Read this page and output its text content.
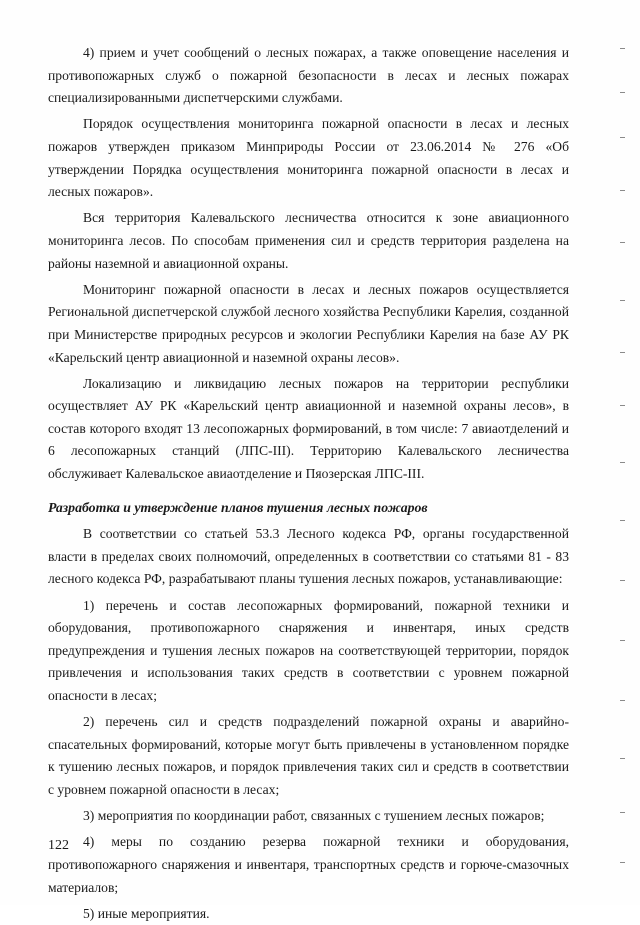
4) прием и учет сообщений о лесных пожарах, а также оповещение населения и противопожарных служб о пожарной безопасности в лесах и лесных пожарах специализированными диспетчерскими службами.

Порядок осуществления мониторинга пожарной опасности в лесах и лесных пожаров утвержден приказом Минприроды России от 23.06.2014 № 276 «Об утверждении Порядка осуществления мониторинга пожарной опасности в лесах и лесных пожаров».

Вся территория Калевальского лесничества относится к зоне авиационного мониторинга лесов. По способам применения сил и средств территория разделена на районы наземной и авиационной охраны.

Мониторинг пожарной опасности в лесах и лесных пожаров осуществляется Региональной диспетчерской службой лесного хозяйства Республики Карелия, созданной при Министерстве природных ресурсов и экологии Республики Карелия на базе АУ РК «Карельский центр авиационной и наземной охраны лесов».

Локализацию и ликвидацию лесных пожаров на территории республики осуществляет АУ РК «Карельский центр авиационной и наземной охраны лесов», в состав которого входят 13 лесопожарных формирований, в том числе: 7 авиаотделений и 6 лесопожарных станций (ЛПС-III). Территорию Калевальского лесничества обслуживает Калевальское авиаотделение и Пяозерская ЛПС-III.

Разработка и утверждение планов тушения лесных пожаров

В соответствии со статьей 53.3 Лесного кодекса РФ, органы государственной власти в пределах своих полномочий, определенных в соответствии со статьями 81 - 83 лесного кодекса РФ, разрабатывают планы тушения лесных пожаров, устанавливающие:

1) перечень и состав лесопожарных формирований, пожарной техники и оборудования, противопожарного снаряжения и инвентаря, иных средств предупреждения и тушения лесных пожаров на соответствующей территории, порядок привлечения и использования таких средств в соответствии с уровнем пожарной опасности в лесах;

2) перечень сил и средств подразделений пожарной охраны и аварийно-спасательных формирований, которые могут быть привлечены в установленном порядке к тушению лесных пожаров, и порядок привлечения таких сил и средств в соответствии с уровнем пожарной опасности в лесах;

3) мероприятия по координации работ, связанных с тушением лесных пожаров;

4) меры по созданию резерва пожарной техники и оборудования, противопожарного снаряжения и инвентаря, транспортных средств и горюче-смазочных материалов;

5) иные мероприятия.

122
